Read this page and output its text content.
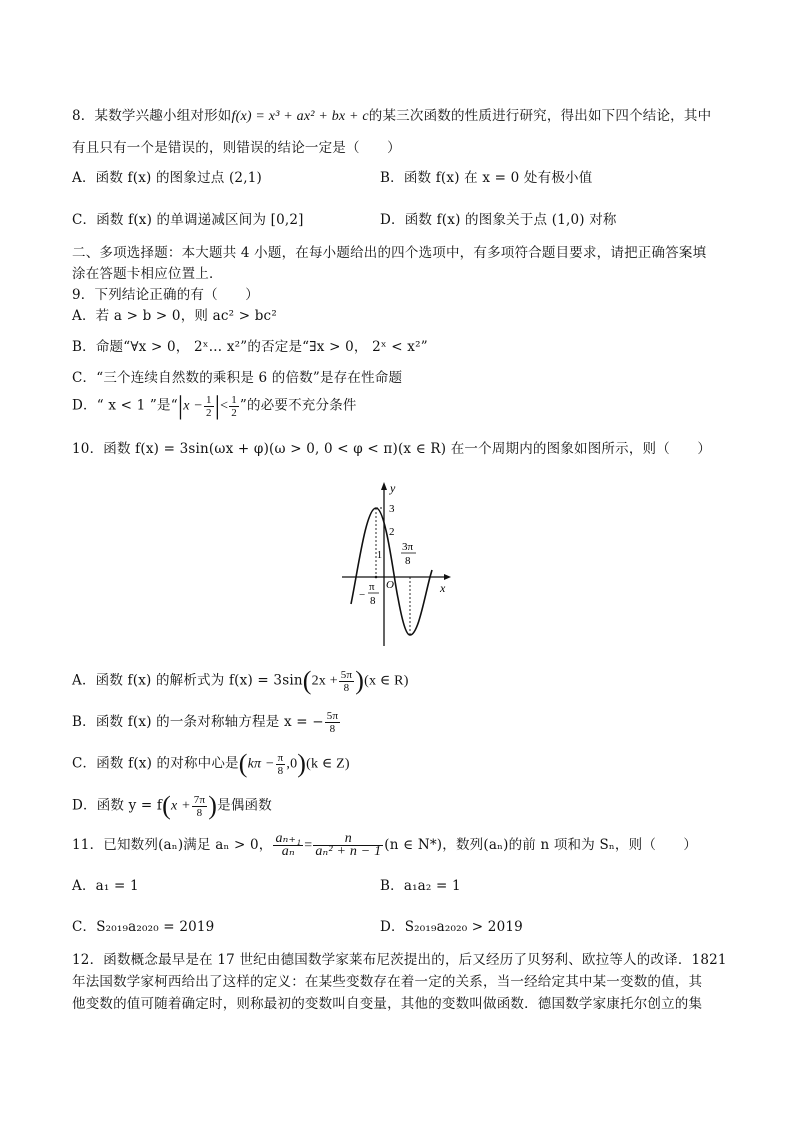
8．某数学兴趣小组对形如f(x) = x³ + ax² + bx + c的某三次函数的性质进行研究，得出如下四个结论，其中
有且只有一个是错误的，则错误的结论一定是（　　）
A．函数 f(x) 的图象过点 (2,1)	B．函数 f(x) 在 x = 0 处有极小值
C．函数 f(x) 的单调递减区间为 [0,2]	D．函数 f(x) 的图象关于点 (1,0) 对称
二、多项选择题：本大题共 4 小题，在每小题给出的四个选项中，有多项符合题目要求，请把正确答案填
涂在答题卡相应位置上．
9．下列结论正确的有（　　）
A．若 a > b > 0，则 ac² > bc²
B．命题“∀x > 0， 2ˣ… x²”的否定是“∃x > 0， 2ˣ < x²”
C．“三个连续自然数的乘积是 6 的倍数”是存在性命题
D．“ x < 1 ”是“$|x - \frac{1}{2}$ |< $\frac{1}{2}$ ”的必要不充分条件
10．函数 f(x) = 3sin(ωx + φ)(ω > 0, 0 < φ < π)(x ∈ R) 在一个周期内的图象如图所示，则（　　）
y
x
O
3
2
1
π
− 8
3π
8
A．函数 f(x) 的解析式为 $f(x) = 3\sin(2x + \frac{5\pi}{8} )(x$ ∈ R)
B．函数 f(x) 的一条对称轴方程是 x = − $\frac{5\pi}{8}$
C．函数 f(x) 的对称中心是$(k\pi - \frac{\pi}{8} ,0)(k$ ∈ Z)
D．函数 $y = f(x + \frac{7\pi}{8}$ )是偶函数
11．已知数列(aₙ)满足 aₙ > 0， $\frac{\text{aₙ₊₁}}{\text{aₙ}} = \frac{n}{\text{aₙ² + n − 1}} (n$ ∈ N*)，数列(aₙ)的前 n 项和为 Sₙ，则（　　）
A．a₁ = 1	B．a₁a₂ = 1
C．S₂₀₁₉a₂₀₂₀ = 2019	D．S₂₀₁₉a₂₀₂₀ > 2019
12．函数概念最早是在 17 世纪由德国数学家莱布尼茨提出的，后又经历了贝努利、欧拉等人的改译．1821
年法国数学家柯西给出了这样的定义：在某些变数存在着一定的关系，当一经给定其中某一变数的值，其
他变数的值可随着确定时，则称最初的变数叫自变量，其他的变数叫做函数．德国数学家康托尔创立的集
